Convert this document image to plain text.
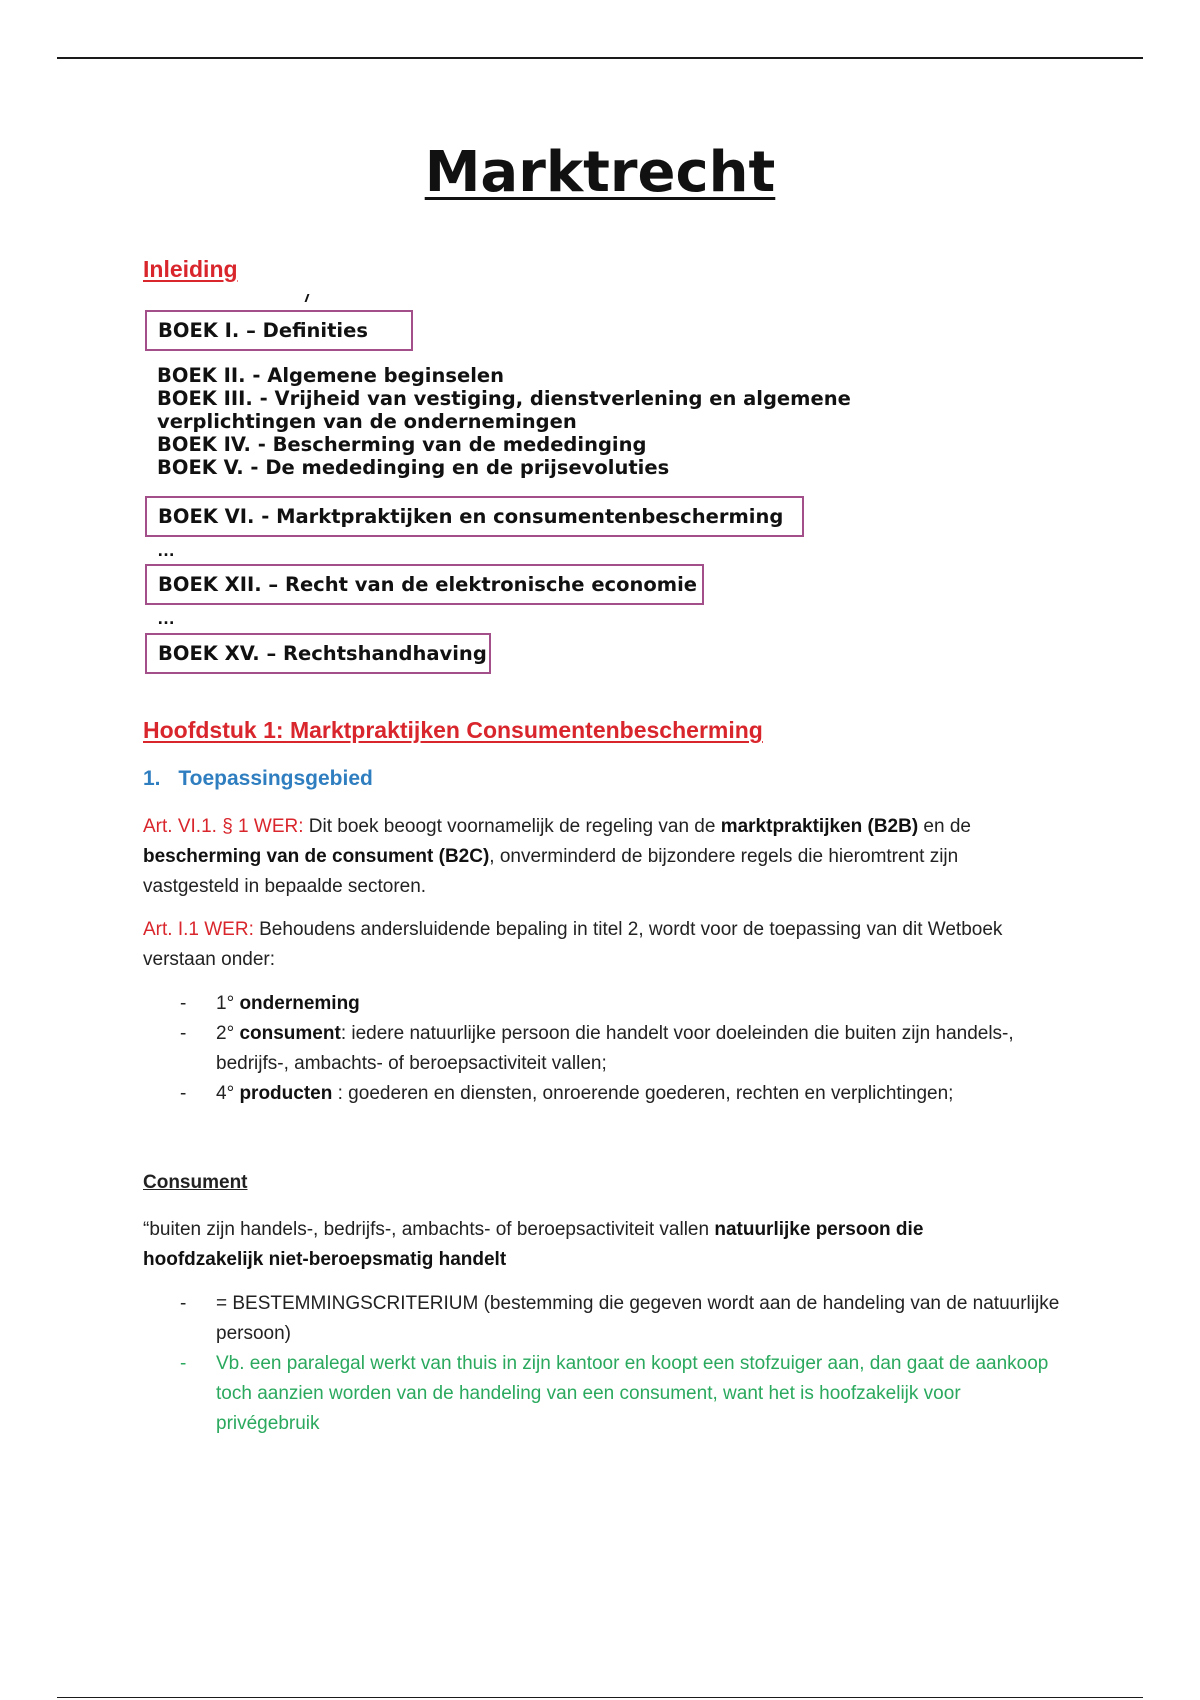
Marktrecht
Inleiding
BOEK I. – Definities
BOEK II. - Algemene beginselen
BOEK III. - Vrijheid van vestiging, dienstverlening en algemene
verplichtingen van de ondernemingen
BOEK IV. - Bescherming van de mededinging
BOEK V. - De mededinging en de prijsevoluties
BOEK VI. - Marktpraktijken en consumentenbescherming
…
BOEK XII. – Recht van de elektronische economie
…
BOEK XV. – Rechtshandhaving
Hoofdstuk 1: Marktpraktijken Consumentenbescherming
1. Toepassingsgebied
Art. VI.1. § 1 WER: Dit boek beoogt voornamelijk de regeling van de marktpraktijken (B2B) en de bescherming van de consument (B2C), onverminderd de bijzondere regels die hieromtrent zijn vastgesteld in bepaalde sectoren.
Art. I.1 WER: Behoudens andersluidende bepaling in titel 2, wordt voor de toepassing van dit Wetboek verstaan onder:
-	1° onderneming
-	2° consument: iedere natuurlijke persoon die handelt voor doeleinden die buiten zijn handels-, bedrijfs-, ambachts- of beroepsactiviteit vallen;
-	4° producten : goederen en diensten, onroerende goederen, rechten en verplichtingen;
Consument
“buiten zijn handels-, bedrijfs-, ambachts- of beroepsactiviteit vallen natuurlijke persoon die hoofdzakelijk niet-beroepsmatig handelt
-	= BESTEMMINGSCRITERIUM (bestemming die gegeven wordt aan de handeling van de natuurlijke persoon)
-	Vb. een paralegal werkt van thuis in zijn kantoor en koopt een stofzuiger aan, dan gaat de aankoop toch aanzien worden van de handeling van een consument, want het is hoofzakelijk voor privégebruik
